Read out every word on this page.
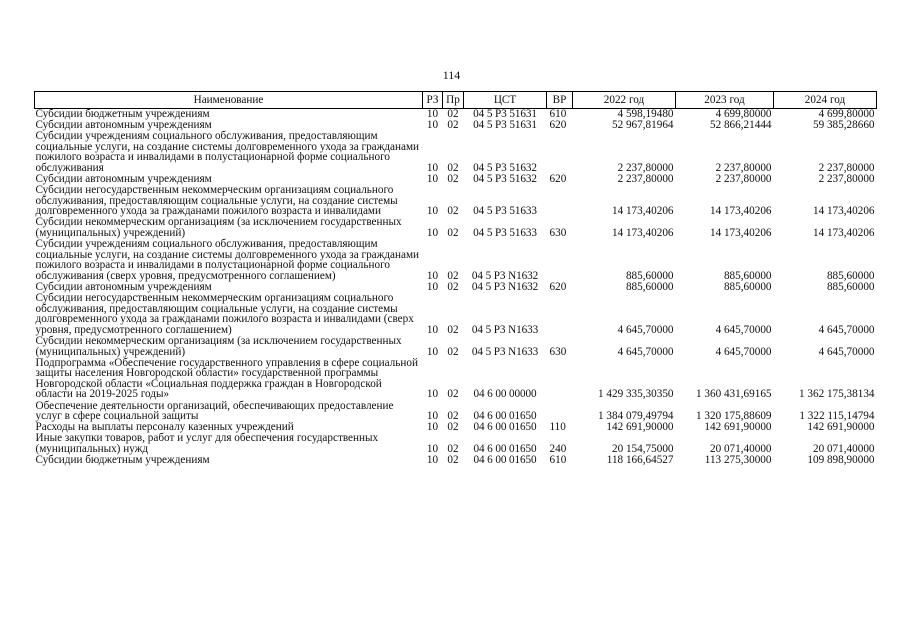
114
Наименование	РЗ	Пр	ЦСТ	ВР	2022 год	2023 год	2024 год
Субсидии бюджетным учреждениям	10	02	04 5 P3 51631	610	4 598,19480	4 699,80000	4 699,80000
Субсидии автономным учреждениям	10	02	04 5 P3 51631	620	52 967,81964	52 866,21444	59 385,28660
Субсидии учреждениям социального обслуживания, предоставляющим социальные услуги, на создание системы долговременного ухода за гражданами пожилого возраста и инвалидами в полустационарной форме социального обслуживания	10	02	04 5 P3 51632		2 237,80000	2 237,80000	2 237,80000
Субсидии автономным учреждениям	10	02	04 5 P3 51632	620	2 237,80000	2 237,80000	2 237,80000
Субсидии негосударственным некоммерческим организациям социального обслуживания, предоставляющим социальные услуги, на создание системы долговременного ухода за гражданами пожилого возраста и инвалидами	10	02	04 5 P3 51633		14 173,40206	14 173,40206	14 173,40206
Субсидии некоммерческим организациям (за исключением государственных (муниципальных) учреждений)	10	02	04 5 P3 51633	630	14 173,40206	14 173,40206	14 173,40206
Субсидии учреждениям социального обслуживания, предоставляющим социальные услуги, на создание системы долговременного ухода за гражданами пожилого возраста и инвалидами в полустационарной форме социального обслуживания (сверх уровня, предусмотренного соглашением)	10	02	04 5 P3 N1632		885,60000	885,60000	885,60000
Субсидии автономным учреждениям	10	02	04 5 P3 N1632	620	885,60000	885,60000	885,60000
Субсидии негосударственным некоммерческим организациям социального обслуживания, предоставляющим социальные услуги, на создание системы долговременного ухода за гражданами пожилого возраста и инвалидами (сверх уровня, предусмотренного соглашением)	10	02	04 5 P3 N1633		4 645,70000	4 645,70000	4 645,70000
Субсидии некоммерческим организациям (за исключением государственных (муниципальных) учреждений)	10	02	04 5 P3 N1633	630	4 645,70000	4 645,70000	4 645,70000
Подпрограмма «Обеспечение государственного управления в сфере социальной защиты населения Новгородской области» государственной программы Новгородской области «Социальная поддержка граждан в Новгородской области на 2019-2025 годы»	10	02	04 6 00 00000		1 429 335,30350	1 360 431,69165	1 362 175,38134
Обеспечение деятельности организаций, обеспечивающих предоставление услуг в сфере социальной защиты	10	02	04 6 00 01650		1 384 079,49794	1 320 175,88609	1 322 115,14794
Расходы на выплаты персоналу казенных учреждений	10	02	04 6 00 01650	110	142 691,90000	142 691,90000	142 691,90000
Иные закупки товаров, работ и услуг для обеспечения государственных (муниципальных) нужд	10	02	04 6 00 01650	240	20 154,75000	20 071,40000	20 071,40000
Субсидии бюджетным учреждениям	10	02	04 6 00 01650	610	118 166,64527	113 275,30000	109 898,90000
